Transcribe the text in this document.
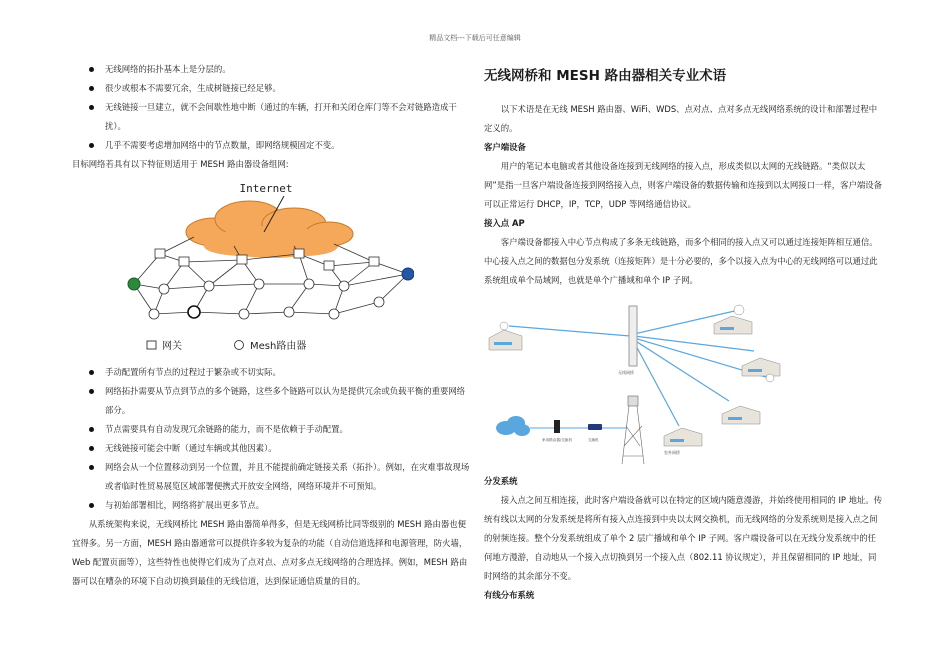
精品文档---下载后可任意编辑
无线网络的拓扑基本上是分层的。
很少或根本不需要冗余，生成树链接已经足够。
无线链接一旦建立，就不会间歇性地中断（通过的车辆，打开和关闭仓库门等不会对链路造成干扰）。
几乎不需要考虑增加网络中的节点数量，即网络规模固定不变。

目标网络若具有以下特征则适用于 MESH 路由器设备组网:

Internet
网关	Mesh路由器
手动配置所有节点的过程过于繁杂或不切实际。
网络拓扑需要从节点到节点的多个链路，这些多个链路可以认为是提供冗余或负载平衡的重要网络部分。
节点需要具有自动发现冗余链路的能力，而不是依赖于手动配置。
无线链接可能会中断（通过车辆或其他因素）。
网络会从一个位置移动到另一个位置，并且不能提前确定链接关系（拓扑）。例如，在灾难事故现场或者临时性贸易展览区域部署便携式开放安全网络，网络环境并不可预知。
与初始部署相比，网络将扩展出更多节点。

从系统架构来说，无线网桥比 MESH 路由器简单得多，但是无线网桥比同等级别的 MESH 路由器也便宜得多。另一方面，MESH 路由器通常可以提供许多较为复杂的功能（自动信道选择和电源管理，防火墙，Web 配置页面等），这些特性也使得它们成为了点对点、点对多点无线网络的合理选择。例如，MESH 路由器可以在嘈杂的环境下自动切换到最佳的无线信道，达到保证通信质量的目的。

无线网桥和 MESH 路由器相关专业术语

以下术语是在无线 MESH 路由器、WiFi、WDS、点对点、点对多点无线网络系统的设计和部署过程中定义的。

客户端设备

用户的笔记本电脑或者其他设备连接到无线网络的接入点，形成类似以太网的无线链路。“类似以太网”是指一旦客户端设备连接到网络接入点，则客户端设备的数据传输和连接到以太网接口一样，客户端设备可以正常运行 DHCP，IP，TCP，UDP 等网络通信协议。

接入点 AP

客户端设备都接入中心节点构成了多条无线链路，而多个相同的接入点又可以通过连接矩阵相互通信。中心接入点之间的数据包分发系统（连接矩阵）是十分必要的，多个以接入点为中心的无线网络可以通过此系统组成单个局域网，也就是单个广播域和单个 IP 子网。

无线网桥
室外网桥
家用路由器/交换机	交换机
分发系统

接入点之间互相连接，此时客户端设备就可以在特定的区域内随意漫游，并始终使用相同的 IP 地址。传统有线以太网的分发系统是将所有接入点连接到中央以太网交换机，而无线网络的分发系统则是接入点之间的射频连接。整个分发系统组成了单个 2 层广播域和单个 IP 子网。客户端设备可以在无线分发系统中的任何地方漫游，自动地从一个接入点切换到另一个接入点（802.11 协议规定），并且保留相同的 IP 地址，同时网络的其余部分不变。

有线分布系统
